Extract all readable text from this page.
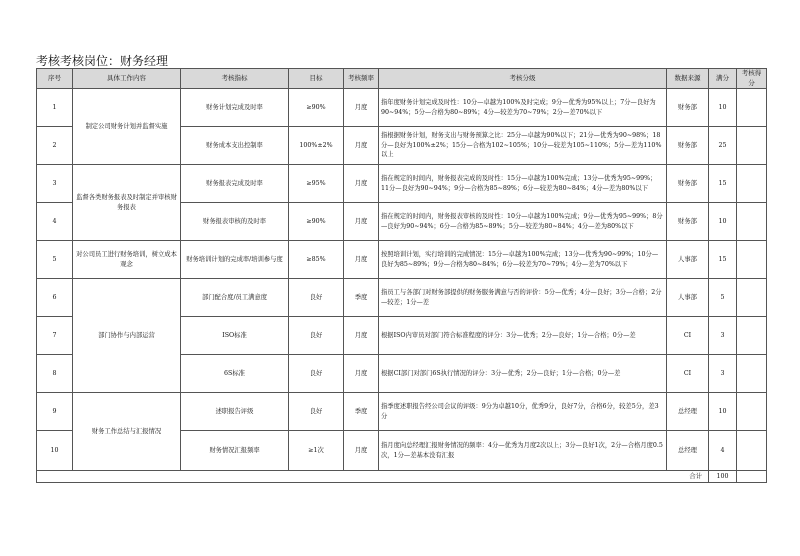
考核考核岗位：财务经理
序号	具体工作内容	考核指标	目标	考核频率	考核分级	数据来源	满分	考核得分
1	制定公司财务计划并监督实施	财务计划完成及时率	≥90%	月度	指年度财务计划完成及时性：10分—卓越为100%及时完成；9分—优秀为95%以上；7分—良好为90~94%；5分—合格为80~89%；4分—较差为70~79%；2分—差70%以下	财务部	10	
2		财务成本支出控制率	100%±2%	月度	指根据财务计划，财务支出与财务预算之比：25分—卓越为90%以下；21分—优秀为90~98%；18分—良好为100%±2%；15分—合格为102~105%；10分—较差为105~110%；5分—差为110%以上	财务部	25	
3	监督各类财务报表及时制定并审核财务报表	财务报表完成及时率	≥95%	月度	指在规定的时间内，财务报表完成的及时性：15分—卓越为100%完成；13分—优秀为95~99%；11分—良好为90~94%；9分—合格为85~89%；6分—较差为80~84%；4分—差为80%以下	财务部	15	
4		财务报表审核的及时率	≥90%	月度	指在规定的时间内，财务报表审核的及时性：10分—卓越为100%完成；9分—优秀为95~99%；8分—良好为90~94%；6分—合格为85~89%；5分—较差为80~84%；4分—差为80%以下	财务部	10	
5	对公司员工进行财务培训，树立成本观念	财务培训计划的完成率/培训参与度	≥85%	月度	按照培训计划，实行培训的完成情况：15分—卓越为100%完成；13分—优秀为90~99%；10分—良好为85~89%；9分—合格为80~84%；6分—较差为70~79%；4分—差为70%以下	人事部	15	
6	部门协作与内部运营	部门配合度/员工满意度	良好	季度	指员工与各部门对财务部提供的财务服务满意与否的评价：5分—优秀；4分—良好；3分—合格；2分—较差；1分—差	人事部	5	
7		ISO标准	良好	月度	根据ISO内审员对部门符合标准程度的评分：3分—优秀；2分—良好；1分—合格；0分—差	CI	3	
8		6S标准	良好	月度	根据CI部门对部门6S执行情况的评分：3分—优秀；2分—良好；1分—合格；0分—差	CI	3	
9	财务工作总结与汇报情况	述职报告评级	良好	季度	指季度述职报告经公司会议的评级：9分为卓越10分，优秀9分，良好7分，合格6分，较差5分，差3分	总经理	10	
10		财务情况汇报频率	≥1次	月度	指月度向总经理汇报财务情况的频率：4分—优秀为月度2次以上；3分—良好1次，2分—合格月度0.5次，1分—差基本没有汇报	总经理	4	
合计							100	
